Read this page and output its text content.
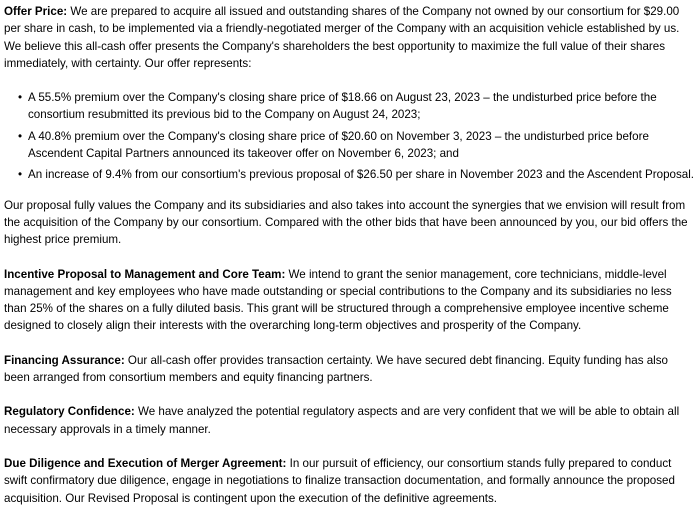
Offer Price: We are prepared to acquire all issued and outstanding shares of the Company not owned by our consortium for $29.00 per share in cash, to be implemented via a friendly-negotiated merger of the Company with an acquisition vehicle established by us. We believe this all-cash offer presents the Company's shareholders the best opportunity to maximize the full value of their shares immediately, with certainty. Our offer represents:

• A 55.5% premium over the Company's closing share price of $18.66 on August 23, 2023 – the undisturbed price before the consortium resubmitted its previous bid to the Company on August 24, 2023;
• A 40.8% premium over the Company's closing share price of $20.60 on November 3, 2023 – the undisturbed price before Ascendent Capital Partners announced its takeover offer on November 6, 2023; and
• An increase of 9.4% from our consortium's previous proposal of $26.50 per share in November 2023 and the Ascendent Proposal.

Our proposal fully values the Company and its subsidiaries and also takes into account the synergies that we envision will result from the acquisition of the Company by our consortium. Compared with the other bids that have been announced by you, our bid offers the highest price premium.

Incentive Proposal to Management and Core Team: We intend to grant the senior management, core technicians, middle-level management and key employees who have made outstanding or special contributions to the Company and its subsidiaries no less than 25% of the shares on a fully diluted basis. This grant will be structured through a comprehensive employee incentive scheme designed to closely align their interests with the overarching long-term objectives and prosperity of the Company.

Financing Assurance: Our all-cash offer provides transaction certainty. We have secured debt financing. Equity funding has also been arranged from consortium members and equity financing partners.

Regulatory Confidence: We have analyzed the potential regulatory aspects and are very confident that we will be able to obtain all necessary approvals in a timely manner.

Due Diligence and Execution of Merger Agreement: In our pursuit of efficiency, our consortium stands fully prepared to conduct swift confirmatory due diligence, engage in negotiations to finalize transaction documentation, and formally announce the proposed acquisition. Our Revised Proposal is contingent upon the execution of the definitive agreements.
